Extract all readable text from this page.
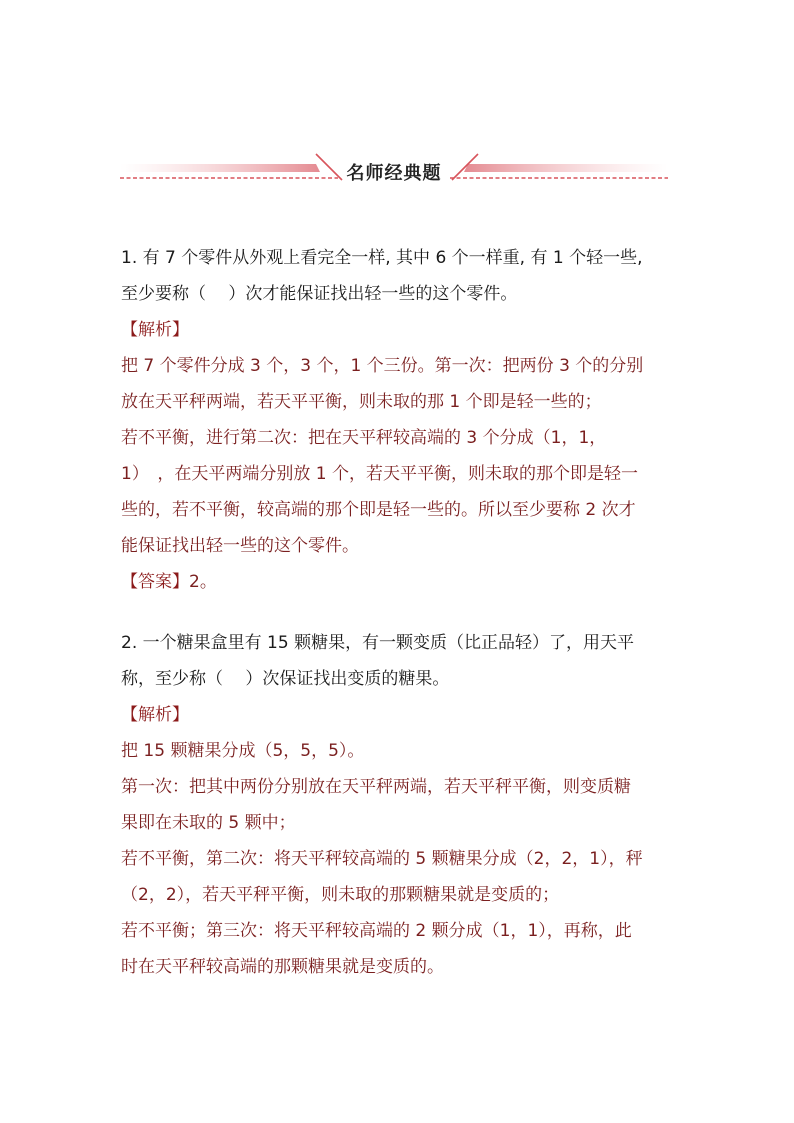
名师经典题

1. 有 7 个零件从外观上看完全一样, 其中 6 个一样重, 有 1 个轻一些,

至少要称（　 ）次才能保证找出轻一些的这个零件。

【解析】

把 7 个零件分成 3 个，3 个，1 个三份。第一次：把两份 3 个的分别

放在天平秤两端，若天平平衡，则未取的那 1 个即是轻一些的；

若不平衡，进行第二次：把在天平秤较高端的 3 个分成（1，1，

1）　，在天平两端分别放 1 个，若天平平衡，则未取的那个即是轻一

些的，若不平衡，较高端的那个即是轻一些的。所以至少要称 2 次才

能保证找出轻一些的这个零件。

【答案】2。

2. 一个糖果盒里有 15 颗糖果，有一颗变质（比正品轻）了，用天平

称，至少称（　 ）次保证找出变质的糖果。

【解析】

把 15 颗糖果分成（5，5，5）。

第一次：把其中两份分别放在天平秤两端，若天平秤平衡，则变质糖

果即在未取的 5 颗中；

若不平衡，第二次：将天平秤较高端的 5 颗糖果分成（2，2，1），秤

（2，2），若天平秤平衡，则未取的那颗糖果就是变质的；

若不平衡；第三次：将天平秤较高端的 2 颗分成（1，1），再称，此

时在天平秤较高端的那颗糖果就是变质的。
